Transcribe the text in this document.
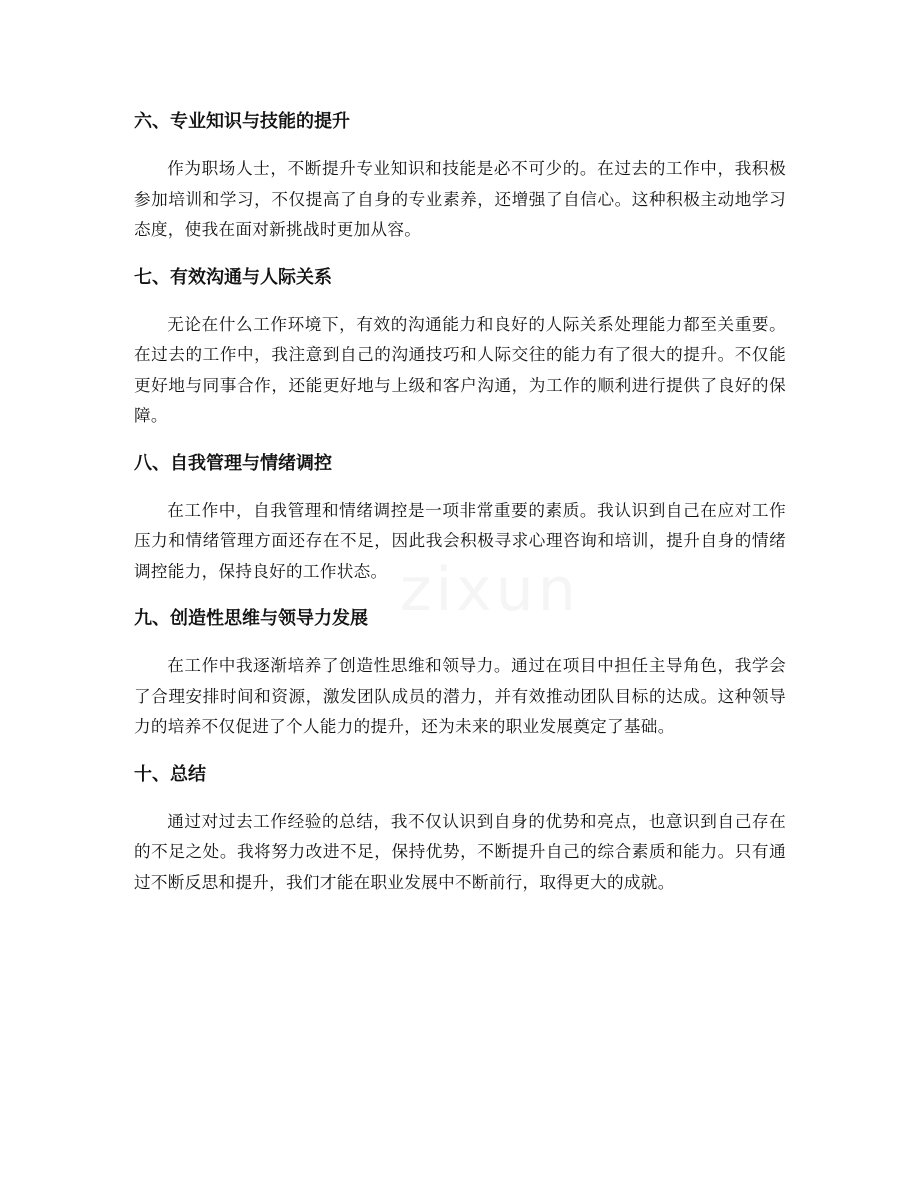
zixun
六、专业知识与技能的提升

作为职场人士，不断提升专业知识和技能是必不可少的。在过去的工作中，我积极参加培训和学习，不仅提高了自身的专业素养，还增强了自信心。这种积极主动地学习态度，使我在面对新挑战时更加从容。

七、有效沟通与人际关系

无论在什么工作环境下，有效的沟通能力和良好的人际关系处理能力都至关重要。在过去的工作中，我注意到自己的沟通技巧和人际交往的能力有了很大的提升。不仅能更好地与同事合作，还能更好地与上级和客户沟通，为工作的顺利进行提供了良好的保障。

八、自我管理与情绪调控

在工作中，自我管理和情绪调控是一项非常重要的素质。我认识到自己在应对工作压力和情绪管理方面还存在不足，因此我会积极寻求心理咨询和培训，提升自身的情绪调控能力，保持良好的工作状态。

九、创造性思维与领导力发展

在工作中我逐渐培养了创造性思维和领导力。通过在项目中担任主导角色，我学会了合理安排时间和资源，激发团队成员的潜力，并有效推动团队目标的达成。这种领导力的培养不仅促进了个人能力的提升，还为未来的职业发展奠定了基础。

十、总结

通过对过去工作经验的总结，我不仅认识到自身的优势和亮点，也意识到自己存在的不足之处。我将努力改进不足，保持优势，不断提升自己的综合素质和能力。只有通过不断反思和提升，我们才能在职业发展中不断前行，取得更大的成就。
